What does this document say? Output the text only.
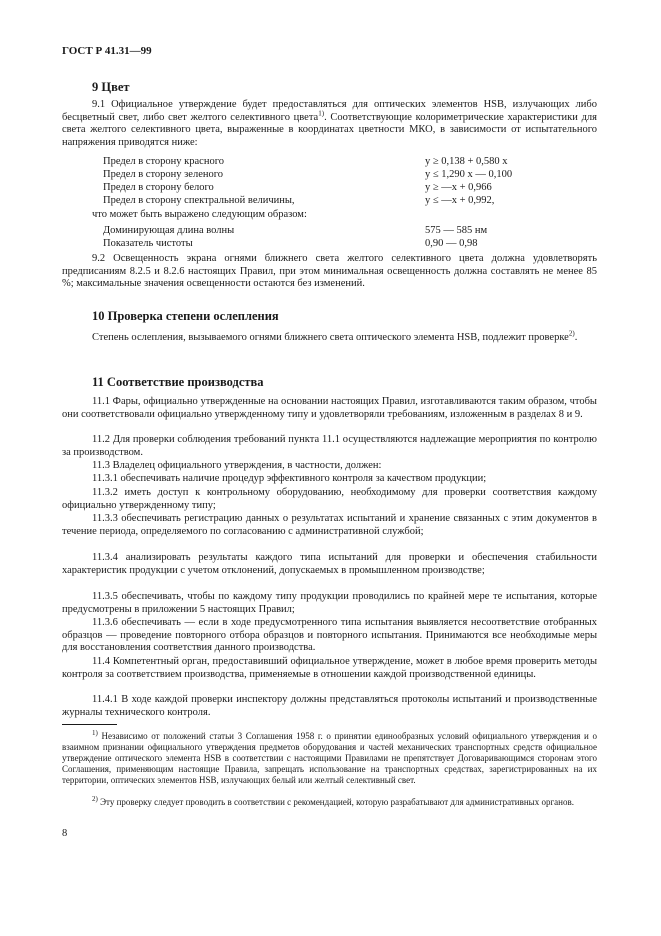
ГОСТ Р 41.31—99
9 Цвет

9.1 Официальное утверждение будет предоставляться для оптических элементов HSB, излучающих либо бесцветный свет, либо свет желтого селективного цвета$^{1)}$. Соответствующие колориметрические характеристики для света желтого селективного цвета, выраженные в координатах цветности МКО, в зависимости от испытательного напряжения приводятся ниже:

Предел в сторону красного	y ≥ 0,138 + 0,580 x
Предел в сторону зеленого	y ≤ 1,290 x — 0,100
Предел в сторону белого	y ≥ —x + 0,966
Предел в сторону спектральной величины,	y ≤ —x + 0,992,
что может быть выражено следующим образом:
Доминирующая длина волны	575 — 585 нм
Показатель чистоты	0,90 — 0,98

9.2 Освещенность экрана огнями ближнего света желтого селективного цвета должна удовлетворять предписаниям 8.2.5 и 8.2.6 настоящих Правил, при этом минимальная освещенность должна составлять не менее 85 %; максимальные значения освещенности остаются без изменений.

10 Проверка степени ослепления

Степень ослепления, вызываемого огнями ближнего света оптического элемента HSB, подлежит проверке$^{2)}$.

11 Соответствие производства

11.1 Фары, официально утвержденные на основании настоящих Правил, изготавливаются таким образом, чтобы они соответствовали официально утвержденному типу и удовлетворяли требованиям, изложенным в разделах 8 и 9.

11.2 Для проверки соблюдения требований пункта 11.1 осуществляются надлежащие мероприятия по контролю за производством.

11.3 Владелец официального утверждения, в частности, должен:

11.3.1 обеспечивать наличие процедур эффективного контроля за качеством продукции;

11.3.2 иметь доступ к контрольному оборудованию, необходимому для проверки соответствия каждому официально утвержденному типу;

11.3.3 обеспечивать регистрацию данных о результатах испытаний и хранение связанных с этим документов в течение периода, определяемого по согласованию с административной службой;

11.3.4 анализировать результаты каждого типа испытаний для проверки и обеспечения стабильности характеристик продукции с учетом отклонений, допускаемых в промышленном производстве;

11.3.5 обеспечивать, чтобы по каждому типу продукции проводились по крайней мере те испытания, которые предусмотрены в приложении 5 настоящих Правил;

11.3.6 обеспечивать — если в ходе предусмотренного типа испытания выявляется несоответствие отобранных образцов — проведение повторного отбора образцов и повторного испытания. Принимаются все необходимые меры для восстановления соответствия данного производства.

11.4 Компетентный орган, предоставивший официальное утверждение, может в любое время проверить методы контроля за соответствием производства, применяемые в отношении каждой производственной единицы.

11.4.1 В ходе каждой проверки инспектору должны представляться протоколы испытаний и производственные журналы технического контроля.

$^{1)}$ Независимо от положений статьи 3 Соглашения 1958 г. о принятии единообразных условий официального утверждения и о взаимном признании официального утверждения предметов оборудования и частей механических транспортных средств официальное утверждение оптического элемента HSB в соответствии с настоящими Правилами не препятствует Договаривающимся сторонам этого Соглашения, применяющим настоящие Правила, запрещать использование на транспортных средствах, зарегистрированных на их территории, оптических элементов HSB, излучающих белый или желтый селективный свет.

$^{2)}$ Эту проверку следует проводить в соответствии с рекомендацией, которую разрабатывают для административных органов.

8
